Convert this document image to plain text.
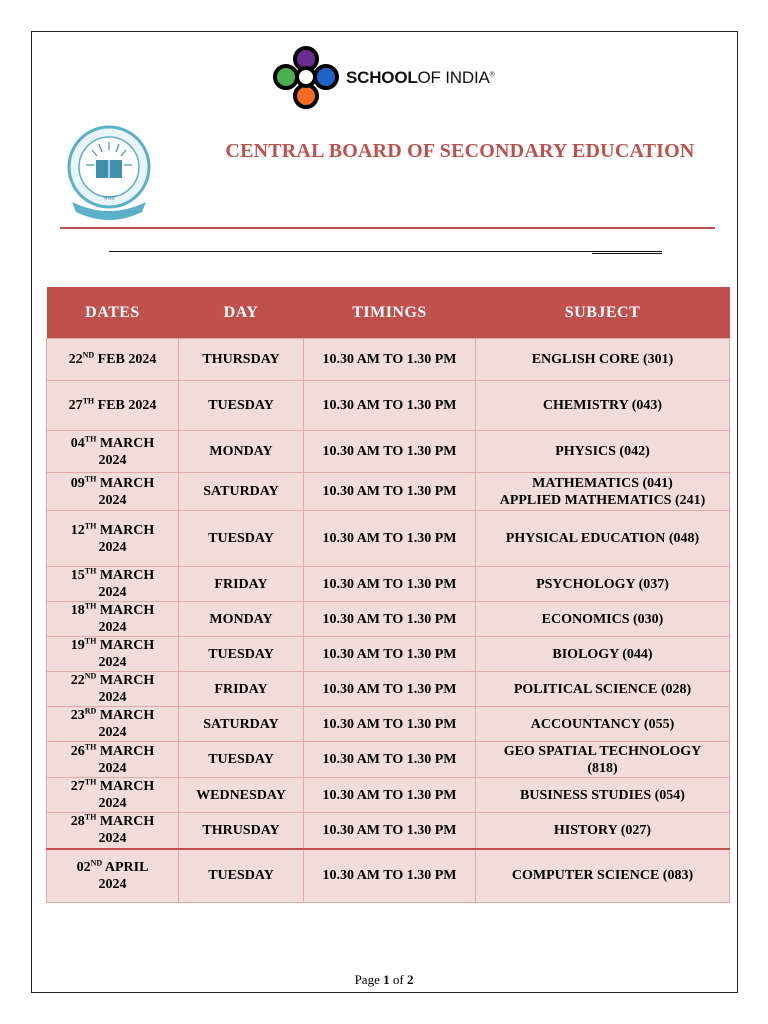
SCHOOLOF INDIA®
भारत
CENTRAL BOARD OF SECONDARY EDUCATION
DATES	DAY	TIMINGS	SUBJECT
22ND FEB 2024	THURSDAY	10.30 AM TO 1.30 PM	ENGLISH CORE (301)
27TH FEB 2024	TUESDAY	10.30 AM TO 1.30 PM	CHEMISTRY (043)
04TH MARCH
2024	MONDAY	10.30 AM TO 1.30 PM	PHYSICS (042)
09TH MARCH
2024	SATURDAY	10.30 AM TO 1.30 PM	MATHEMATICS (041)
APPLIED MATHEMATICS (241)
12TH MARCH
2024	TUESDAY	10.30 AM TO 1.30 PM	PHYSICAL EDUCATION (048)
15TH MARCH
2024	FRIDAY	10.30 AM TO 1.30 PM	PSYCHOLOGY (037)
18TH MARCH
2024	MONDAY	10.30 AM TO 1.30 PM	ECONOMICS (030)
19TH MARCH
2024	TUESDAY	10.30 AM TO 1.30 PM	BIOLOGY (044)
22ND MARCH
2024	FRIDAY	10.30 AM TO 1.30 PM	POLITICAL SCIENCE (028)
23RD MARCH
2024	SATURDAY	10.30 AM TO 1.30 PM	ACCOUNTANCY (055)
26TH MARCH
2024	TUESDAY	10.30 AM TO 1.30 PM	GEO SPATIAL TECHNOLOGY
(818)
27TH MARCH
2024	WEDNESDAY	10.30 AM TO 1.30 PM	BUSINESS STUDIES (054)
28TH MARCH
2024	THRUSDAY	10.30 AM TO 1.30 PM	HISTORY (027)
02ND APRIL
2024	TUESDAY	10.30 AM TO 1.30 PM	COMPUTER SCIENCE (083)
Page 1 of 2
